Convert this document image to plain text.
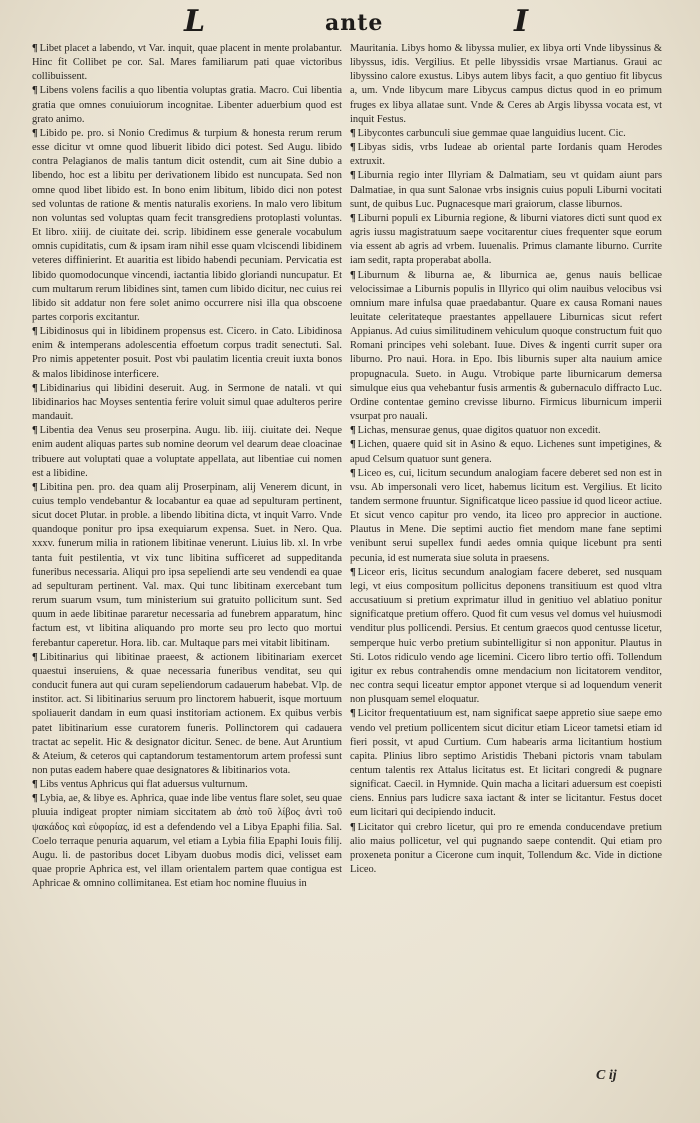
L	ante	I

¶ Libet placet a labendo, vt Var. inquit, quae placent in mente prolabantur. Hinc fit Collibet pe cor. Sal. Mares familiarum pati quae victoribus collibuissent.

¶ Libens volens facilis a quo libentia voluptas gratia. Macro. Cui libentia gratia que omnes conuiuiorum incognitae. Libenter aduerbium quod est grato animo.

¶ Libido pe. pro. si Nonio Credimus & turpium & honesta rerum rerum esse dicitur vt omne quod libuerit libido dici potest. Sed Augu. libido contra Pelagianos de malis tantum dicit ostendit, cum ait Sine dubio a libendo, hoc est a libitu per derivationem libido est nuncupata. Sed non omne quod libet libido est. In bono enim libitum, libido dici non potest sed voluntas de ratione & mentis naturalis exoriens. In malo vero libitum non voluntas sed voluptas quam fecit transgrediens protoplasti voluntas. Et libro. xiiij. de ciuitate dei. scrip. libidinem esse generale vocabulum omnis cupiditatis, cum & ipsam iram nihil esse quam vlciscendi libidinem veteres diffinierint. Et auaritia est libido habendi pecuniam. Pervicatia est libido quomodocunque vincendi, iactantia libido gloriandi nuncupatur. Et cum multarum rerum libidines sint, tamen cum libido dicitur, nec cuius rei libido sit addatur non fere solet animo occurrere nisi illa qua obscoene partes corporis excitantur.

¶ Libidinosus qui in libidinem propensus est. Cicero. in Cato. Libidinosa enim & intemperans adolescentia effoetum corpus tradit senectuti. Sal. Pro nimis appetenter posuit. Post vbi paulatim licentia creuit iuxta bonos & malos libidinose interficere.

¶ Libidinarius qui libidini deseruit. Aug. in Sermone de natali. vt qui libidinarios hac Moyses sententia ferire voluit simul quae adulteros perire mandauit.

¶ Libentia dea Venus seu proserpina. Augu. lib. iiij. ciuitate dei. Neque enim audent aliquas partes sub nomine deorum vel dearum deae cloacinae tribuere aut voluptati quae a voluptate appellata, aut libentiae cui nomen est a libidine.

¶ Libitina pen. pro. dea quam alij Proserpinam, alij Venerem dicunt, in cuius templo vendebantur & locabantur ea quae ad sepulturam pertinent, sicut docet Plutar. in proble. a libendo libitina dicta, vt inquit Varro. Vnde quandoque ponitur pro ipsa exequiarum expensa. Suet. in Nero. Qua. xxxv. funerum milia in rationem libitinae venerunt. Liuius lib. xl. In vrbe tanta fuit pestilentia, vt vix tunc libitina sufficeret ad suppeditanda funeribus necessaria. Aliqui pro ipsa sepeliendi arte seu vendendi ea quae ad sepulturam pertinent. Val. max. Qui tunc libitinam exercebant tum rerum suarum vsum, tum ministerium sui gratuito pollicitum sunt. Sed quum in aede libitinae pararetur necessaria ad funebrem apparatum, hinc factum est, vt libitina aliquando pro morte seu pro lecto quo mortui ferebantur caperetur. Hora. lib. car. Multaque pars mei vitabit libitinam.

¶ Libitinarius qui libitinae praeest, & actionem libitinariam exercet quaestui inseruiens, & quae necessaria funeribus venditat, seu qui conducit funera aut qui curam sepeliendorum cadauerum habebat. Vlp. de institor. act. Si libitinarius seruum pro linctorem habuerit, isque mortuum spoliauerit dandam in eum quasi institoriam actionem. Ex quibus verbis patet libitinarium esse curatorem funeris. Pollinctorem qui cadauera tractat ac sepelit. Hic & designator dicitur. Senec. de bene. Aut Aruntium & Ateium, & ceteros qui captandorum testamentorum artem professi sunt non putas eadem habere quae designatores & libitinarios vota.

¶ Libs ventus Aphricus qui flat aduersus vulturnum.

¶ Lybia, ae, & libye es. Aphrica, quae inde libe ventus flare solet, seu quae pluuia indigeat propter nimiam siccitatem ab ἀπὸ τοῦ λίβος ἀντὶ τοῦ ψακάδος καὶ εὐφορίας, id est a defendendo vel a Libya Epaphi filia. Sal. Coelo terraque penuria aquarum, vel etiam a Lybia filia Epaphi Iouis filij. Augu. li. de pastoribus docet Libyam duobus modis dici, velisset eam quae proprie Aphrica est, vel illam orientalem partem quae contigua est Aphricae & omnino collimitanea. Est etiam hoc nomine fluuius in

Mauritania. Libys homo & libyssa mulier, ex libya orti Vnde libyssinus & libyssus, idis. Vergilius. Et pelle libyssidis vrsae Martianus. Graui ac libyssino calore exustus. Libys autem libys facit, a quo gentiuo fit libycus a, um. Vnde libycum mare Libycus campus dictus quod in eo primum fruges ex libya allatae sunt. Vnde & Ceres ab Argis libyssa vocata est, vt inquit Festus.

¶ Libycontes carbunculi siue gemmae quae languidius lucent. Cic.

¶ Libyas sidis, vrbs Iudeae ab oriental parte Iordanis quam Herodes extruxit.

¶ Liburnia regio inter Illyriam & Dalmatiam, seu vt quidam aiunt pars Dalmatiae, in qua sunt Salonae vrbs insignis cuius populi Liburni vocitati sunt, de quibus Luc. Pugnacesque mari graiorum, classe liburnos.

¶ Liburni populi ex Liburnia regione, & liburni viatores dicti sunt quod ex agris iussu magistratuum saepe vocitarentur ciues frequenter sque eorum via essent ab agris ad vrbem. Iuuenalis. Primus clamante liburno. Currite iam sedit, rapta properabat abolla.

¶ Liburnum & liburna ae, & liburnica ae, genus nauis bellicae velocissimae a Liburnis populis in Illyrico qui olim nauibus velocibus vsi omnium mare infulsa quae praedabantur. Quare ex causa Romani naues leuitate celeritateque praestantes appellauere Liburnicas sicut refert Appianus. Ad cuius similitudinem vehiculum quoque constructum fuit quo Romani principes vehi solebant. Iuue. Dives & ingenti currit super ora liburno. Pro naui. Hora. in Epo. Ibis liburnis super alta nauium amice propugnacula. Sueto. in Augu. Vtrobique parte liburnicarum demersa simulque eius qua vehebantur fusis armentis & gubernaculo diffracto Luc. Ordine contentae gemino crevisse liburno. Firmicus liburnicum imperii vsurpat pro nauali.

¶ Lichas, mensurae genus, quae digitos quatuor non excedit.

¶ Lichen, quaere quid sit in Asino & equo. Lichenes sunt impetigines, & apud Celsum quatuor sunt genera.

¶ Liceo es, cui, licitum secundum analogiam facere deberet sed non est in vsu. Ab impersonali vero licet, habemus licitum est. Vergilius. Et licito tandem sermone fruuntur. Significatque liceo passiue id quod liceor actiue. Et sicut venco capitur pro vendo, ita liceo pro apprecior in auctione. Plautus in Mene. Die septimi auctio fiet mendom mane fane septimi venibunt serui supellex fundi aedes omnia quique licebunt pra senti pecunia, id est numerata siue soluta in praesens.

¶ Liceor eris, licitus secundum analogiam facere deberet, sed nusquam legi, vt eius compositum pollicitus deponens transitiuum est quod vltra accusatiuum si pretium exprimatur illud in genitiuo vel ablatiuo ponitur significatque pretium offero. Quod fit cum vesus vel domus vel huiusmodi venditur plus pollicendi. Persius. Et centum graecos quod centusse licetur, semperque huic verbo pretium subintelligitur si non apponitur. Plautus in Sti. Lotos ridiculo vendo age licemini. Cicero libro tertio offi. Tollendum igitur ex rebus contrahendis omne mendacium non licitatorem venditor, nec contra sequi liceatur emptor apponet vterque si ad loquendum venerit non plusquam semel eloquatur.

¶ Licitor frequentatiuum est, nam significat saepe appretio siue saepe emo vendo vel pretium pollicentem sicut dicitur etiam Liceor tametsi etiam id fieri possit, vt apud Curtium. Cum habearis arma licitantium hostium capita. Plinius libro septimo Aristidis Thebani pictoris vnam tabulam centum talentis rex Attalus licitatus est. Et licitari congredi & pugnare significat. Caecil. in Hymnide. Quin macha a licitari aduersum est coepisti ciens. Ennius pars ludicre saxa iactant & inter se licitantur. Festus docet eum licitari qui decipiendo inducit.

¶ Licitator qui crebro licetur, qui pro re emenda conducendave pretium alio maius pollicetur, vel qui pugnando saepe contendit. Qui etiam pro proxeneta ponitur a Cicerone cum inquit, Tollendum &c. Vide in dictione Liceo.

C ij
